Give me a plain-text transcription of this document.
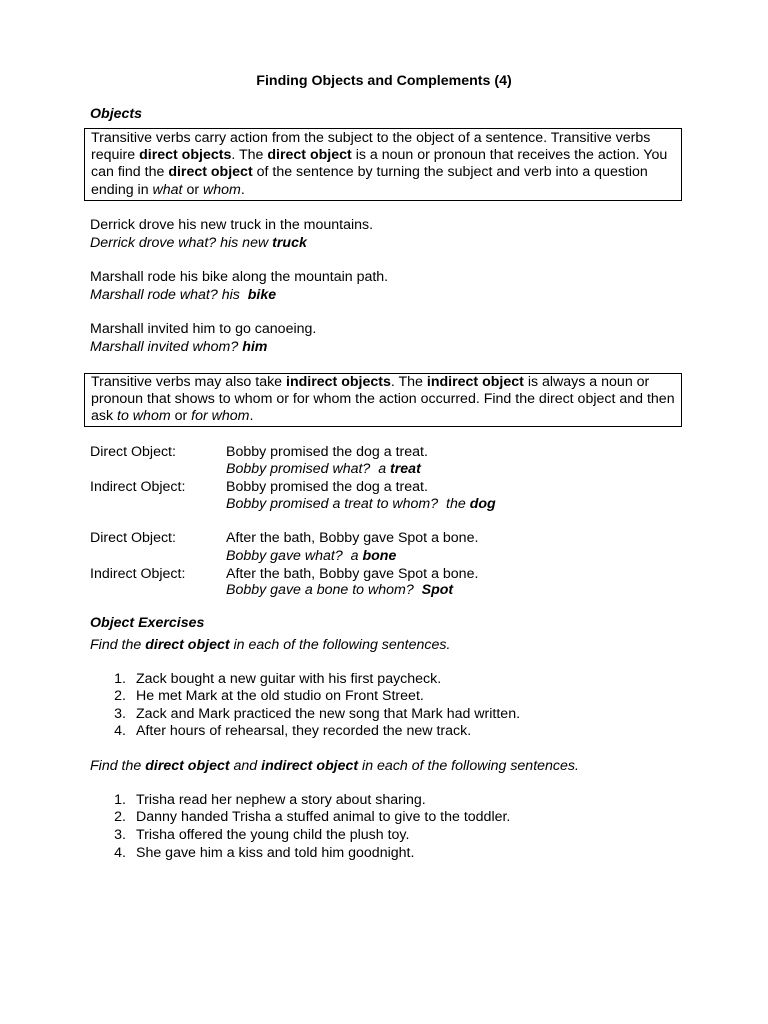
Finding Objects and Complements (4)
Objects
Transitive verbs carry action from the subject to the object of a sentence. Transitive verbs require direct objects. The direct object is a noun or pronoun that receives the action. You can find the direct object of the sentence by turning the subject and verb into a question ending in what or whom.
Derrick drove his new truck in the mountains.
Derrick drove what? his new truck
Marshall rode his bike along the mountain path.
Marshall rode what? his  bike
Marshall invited him to go canoeing.
Marshall invited whom? him
Transitive verbs may also take indirect objects. The indirect object is always a noun or pronoun that shows to whom or for whom the action occurred. Find the direct object and then ask to whom or for whom.
Direct Object:	Bobby promised the dog a treat.
Bobby promised what?  a treat
Indirect Object:	Bobby promised the dog a treat.
Bobby promised a treat to whom?  the dog
Direct Object:	After the bath, Bobby gave Spot a bone.
Bobby gave what?  a bone
Indirect Object:	After the bath, Bobby gave Spot a bone.
Bobby gave a bone to whom?  Spot
Object Exercises
Find the direct object in each of the following sentences.
1. Zack bought a new guitar with his first paycheck.
2. He met Mark at the old studio on Front Street.
3. Zack and Mark practiced the new song that Mark had written.
4. After hours of rehearsal, they recorded the new track.
Find the direct object and indirect object in each of the following sentences.
1. Trisha read her nephew a story about sharing.
2. Danny handed Trisha a stuffed animal to give to the toddler.
3. Trisha offered the young child the plush toy.
4. She gave him a kiss and told him goodnight.
